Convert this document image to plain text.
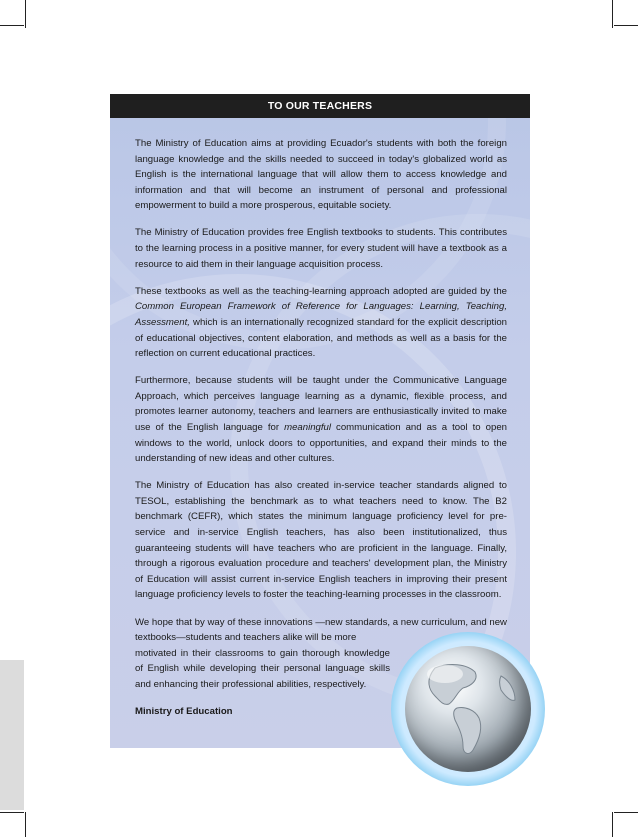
TO OUR TEACHERS

The Ministry of Education aims at providing Ecuador's students with both the foreign language knowledge and the skills needed to succeed in today's globalized world as English is the international language that will allow them to access knowledge and information and that will become an instrument of personal and professional empowerment to build a more prosperous, equitable society.

The Ministry of Education provides free English textbooks to students. This contributes to the learning process in a positive manner, for every student will have a textbook as a resource to aid them in their language acquisition process.

These textbooks as well as the teaching-learning approach adopted are guided by the Common European Framework of Reference for Languages: Learning, Teaching, Assessment, which is an internationally recognized standard for the explicit description of educational objectives, content elaboration, and methods as well as a basis for the reflection on current educational practices.

Furthermore, because students will be taught under the Communicative Language Approach, which perceives language learning as a dynamic, flexible process, and promotes learner autonomy, teachers and learners are enthusiastically invited to make use of the English language for meaningful communication and as a tool to open windows to the world, unlock doors to opportunities, and expand their minds to the understanding of new ideas and other cultures.

The Ministry of Education has also created in-service teacher standards aligned to TESOL, establishing the benchmark as to what teachers need to know. The B2 benchmark (CEFR), which states the minimum language proficiency level for pre-service and in-service English teachers, has also been institutionalized, thus guaranteeing students will have teachers who are proficient in the language. Finally, through a rigorous evaluation procedure and teachers' development plan, the Ministry of Education will assist current in-service English teachers in improving their present language proficiency levels to foster the teaching-learning processes in the classroom.

We hope that by way of these innovations —new standards, a new curriculum, and new textbooks—students and teachers alike will be more

motivated in their classrooms to gain thorough knowledge of English while developing their personal language skills and enhancing their professional abilities, respectively.

Ministry of Education
